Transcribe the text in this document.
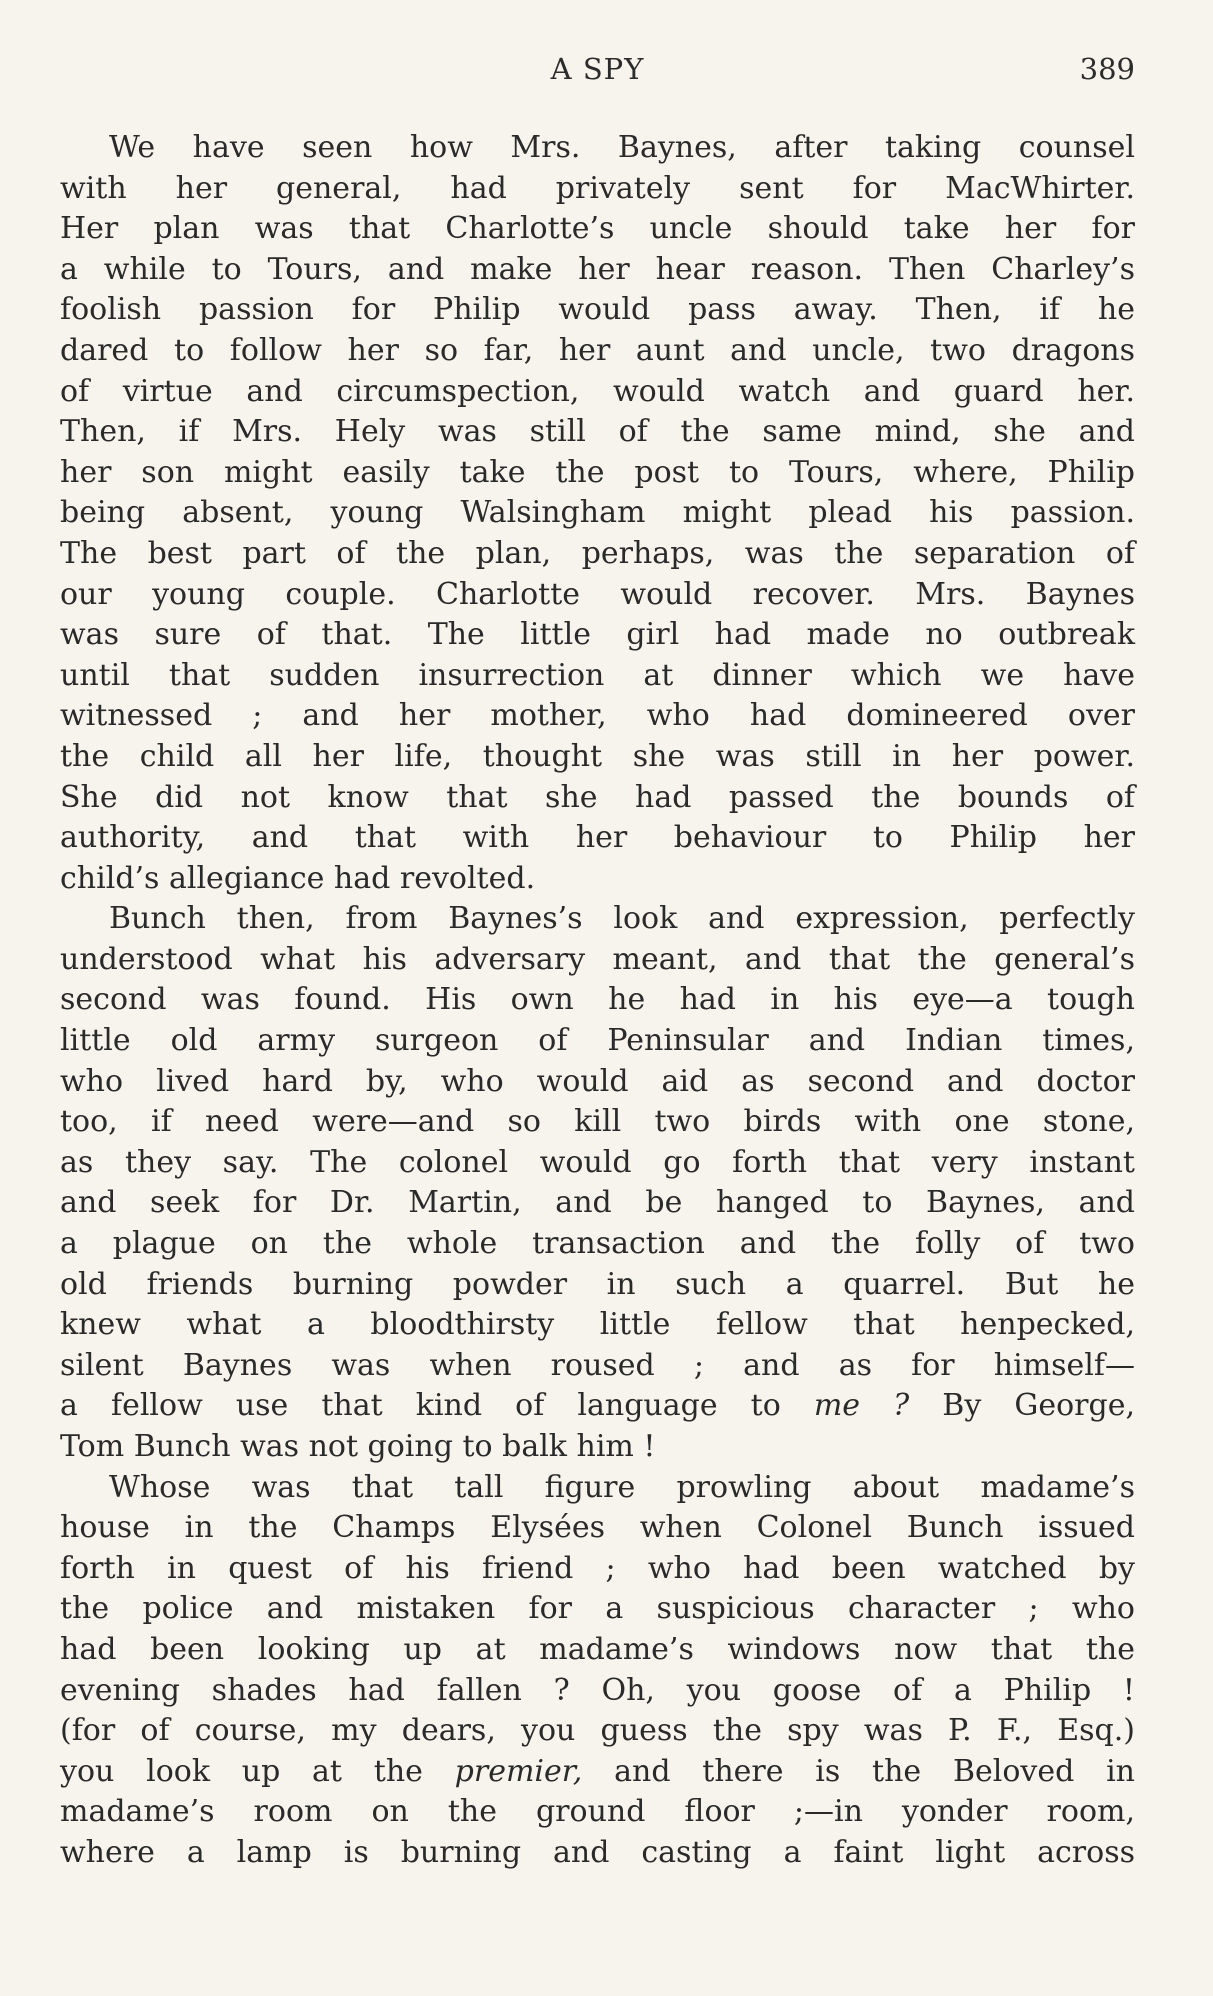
A SPY	389
We have seen how Mrs. Baynes, after taking counsel
with her general, had privately sent for MacWhirter.
Her plan was that Charlotte’s uncle should take her for
a while to Tours, and make her hear reason. Then Charley’s
foolish passion for Philip would pass away. Then, if he
dared to follow her so far, her aunt and uncle, two dragons
of virtue and circumspection, would watch and guard her.
Then, if Mrs. Hely was still of the same mind, she and
her son might easily take the post to Tours, where, Philip
being absent, young Walsingham might plead his passion.
The best part of the plan, perhaps, was the separation of
our young couple. Charlotte would recover. Mrs. Baynes
was sure of that. The little girl had made no outbreak
until that sudden insurrection at dinner which we have
witnessed ; and her mother, who had domineered over
the child all her life, thought she was still in her power.
She did not know that she had passed the bounds of
authority, and that with her behaviour to Philip her
child’s allegiance had revolted.
Bunch then, from Baynes’s look and expression, perfectly
understood what his adversary meant, and that the general’s
second was found. His own he had in his eye—a tough
little old army surgeon of Peninsular and Indian times,
who lived hard by, who would aid as second and doctor
too, if need were—and so kill two birds with one stone,
as they say. The colonel would go forth that very instant
and seek for Dr. Martin, and be hanged to Baynes, and
a plague on the whole transaction and the folly of two
old friends burning powder in such a quarrel. But he
knew what a bloodthirsty little fellow that henpecked,
silent Baynes was when roused ; and as for himself—
a fellow use that kind of language to me ? By George,
Tom Bunch was not going to balk him !
Whose was that tall figure prowling about madame’s
house in the Champs Elysées when Colonel Bunch issued
forth in quest of his friend ; who had been watched by
the police and mistaken for a suspicious character ; who
had been looking up at madame’s windows now that the
evening shades had fallen ? Oh, you goose of a Philip !
(for of course, my dears, you guess the spy was P. F., Esq.)
you look up at the premier, and there is the Beloved in
madame’s room on the ground floor ;—in yonder room,
where a lamp is burning and casting a faint light across
